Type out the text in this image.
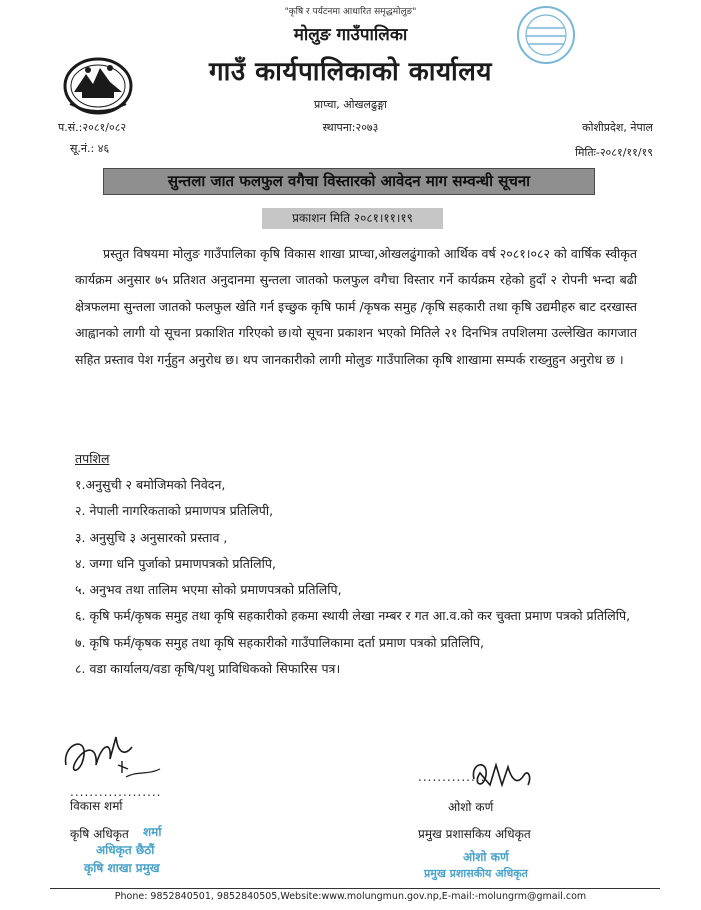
"कृषि र पर्यटनमा आधारित समृद्धमोलुङ"
मोलुङ गाउँपालिका
गाउँ कार्यपालिकाको कार्यालय
प्राप्चा, ओखलढुङ्गा
प.सं.:२०८१/०८२	स्थापना:२०७३	कोशीप्रदेश, नेपाल
सू.नं.: ४६	मितिः-२०८१/११/१९
सुन्तला जात फलफुल वगैचा विस्तारको आवेदन माग सम्वन्धी सूचना
प्रकाशन मिति २०८१।११।१९

प्रस्तुत विषयमा मोलुङ गाउँपालिका कृषि विकास शाखा प्राप्चा,ओखलढुंगाको आर्थिक वर्ष २०८१।०८२ को वार्षिक स्वीकृत कार्यक्रम अनुसार ७५ प्रतिशत अनुदानमा सुन्तला जातको फलफुल वगैचा विस्तार गर्ने कार्यक्रम रहेको हुदाँ २ रोपनी भन्दा बढी क्षेत्रफलमा सुन्तला जातको फलफुल खेति गर्न इच्छुक कृषि फार्म /कृषक समुह /कृषि सहकारी तथा कृषि उद्यमीहरु बाट दरखास्त आह्वानको लागी यो सूचना प्रकाशित गरिएको छ।यो सूचना प्रकाशन भएको मितिले २१ दिनभित्र तपशिलमा उल्लेखित कागजात सहित प्रस्ताव पेश गर्नुहुन अनुरोध छ। थप जानकारीको लागी मोलुङ गाउँपालिका कृषि शाखामा सम्पर्क राख्नुहुन अनुरोध छ ।

तपशिल
१.अनुसुची २ बमोजिमको निवेदन,
२. नेपाली नागरिकताको प्रमाणपत्र प्रतिलिपी,
३. अनुसुचि ३ अनुसारको प्रस्ताव ,
४. जग्गा धनि पुर्जाको प्रमाणपत्रको प्रतिलिपि,
५. अनुभव तथा तालिम भएमा सोको प्रमाणपत्रको प्रतिलिपि,
६. कृषि फर्म/कृषक समुह तथा कृषि सहकारीको हकमा स्थायी लेखा नम्बर र गत आ.व.को कर चुक्ता प्रमाण पत्रको प्रतिलिपि,
७. कृषि फर्म/कृषक समुह तथा कृषि सहकारीको गाउँपालिकामा दर्ता प्रमाण पत्रको प्रतिलिपि,
८. वडा कार्यालय/वडा कृषि/पशु प्राविधिकको सिफारिस पत्र।
...................
विकास शर्मा
कृषि अधिकृत शर्मा
अधिकृत छैठौं
कृषि शाखा प्रमुख
..............
ओशो कर्ण
प्रमुख प्रशासकिय अधिकृत
ओशो कर्ण
प्रमुख प्रशासकीय अधिकृत
Phone: 9852840501, 9852840505,Website:www.molungmun.gov.np,E-mail:-molungrm@gmail.com
